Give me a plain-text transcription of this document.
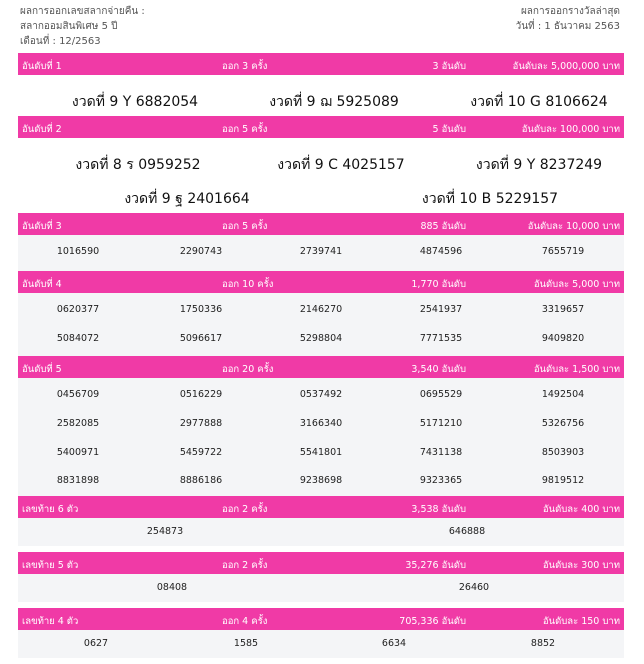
ผลการออกเลขสลากจ่ายคืน :
สลากออมสินพิเศษ 5 ปี
เดือนที่ : 12/2563
ผลการออกรางวัลล่าสุด
วันที่ : 1 ธันวาคม 2563
อันดับที่ 1	ออก 3 ครั้ง	3 อันดับ	อันดับละ 5,000,000 บาท
งวดที่ 9 Y 6882054	งวดที่ 9 ฌ 5925089	งวดที่ 10 G 8106624
อันดับที่ 2	ออก 5 ครั้ง	5 อันดับ	อันดับละ 100,000 บาท
งวดที่ 8 ร 0959252	งวดที่ 9 C 4025157	งวดที่ 9 Y 8237249
งวดที่ 9 ฐ 2401664	งวดที่ 10 B 5229157
อันดับที่ 3	ออก 5 ครั้ง	885 อันดับ	อันดับละ 10,000 บาท
1016590	2290743	2739741	4874596	7655719
อันดับที่ 4	ออก 10 ครั้ง	1,770 อันดับ	อันดับละ 5,000 บาท
0620377	1750336	2146270	2541937	3319657
5084072	5096617	5298804	7771535	9409820
อันดับที่ 5	ออก 20 ครั้ง	3,540 อันดับ	อันดับละ 1,500 บาท
0456709	0516229	0537492	0695529	1492504
2582085	2977888	3166340	5171210	5326756
5400971	5459722	5541801	7431138	8503903
8831898	8886186	9238698	9323365	9819512
เลขท้าย 6 ตัว	ออก 2 ครั้ง	3,538 อันดับ	อันดับละ 400 บาท
254873	646888
เลขท้าย 5 ตัว	ออก 2 ครั้ง	35,276 อันดับ	อันดับละ 300 บาท
08408	26460
เลขท้าย 4 ตัว	ออก 4 ครั้ง	705,336 อันดับ	อันดับละ 150 บาท
0627	1585	6634	8852
